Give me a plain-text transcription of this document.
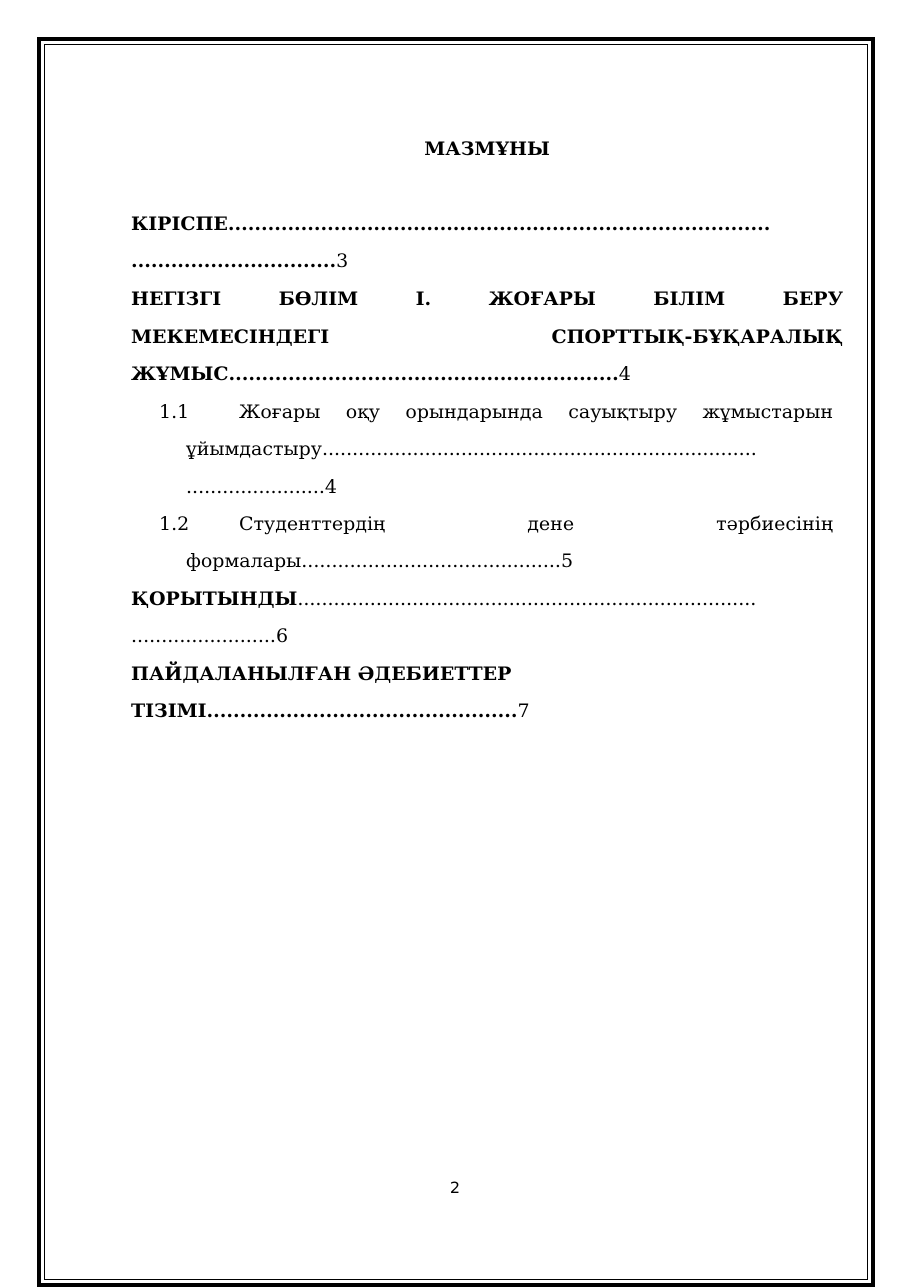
МАЗМҰНЫ
КІРІСПЕ..................................................................................
...............................3
НЕГІЗГІ	БӨЛІМ	І.	ЖОҒАРЫ	БІЛІМ	БЕРУ
МЕКЕМЕСІНДЕГІ	СПОРТТЫҚ-БҰҚАРАЛЫҚ
ЖҰМЫС...........................................................4
1.1	Жоғары оқу орындарында сауықтыру жұмыстарын
ұйымдастыру........................................................................
.......................4
1.2	Студенттердің	дене	тәрбиесінің
формалары...........................................5
ҚОРЫТЫНДЫ............................................................................
........................6
ПАЙДАЛАНЫЛҒАН ӘДЕБИЕТТЕР
ТІЗІМІ...............................................7
2
